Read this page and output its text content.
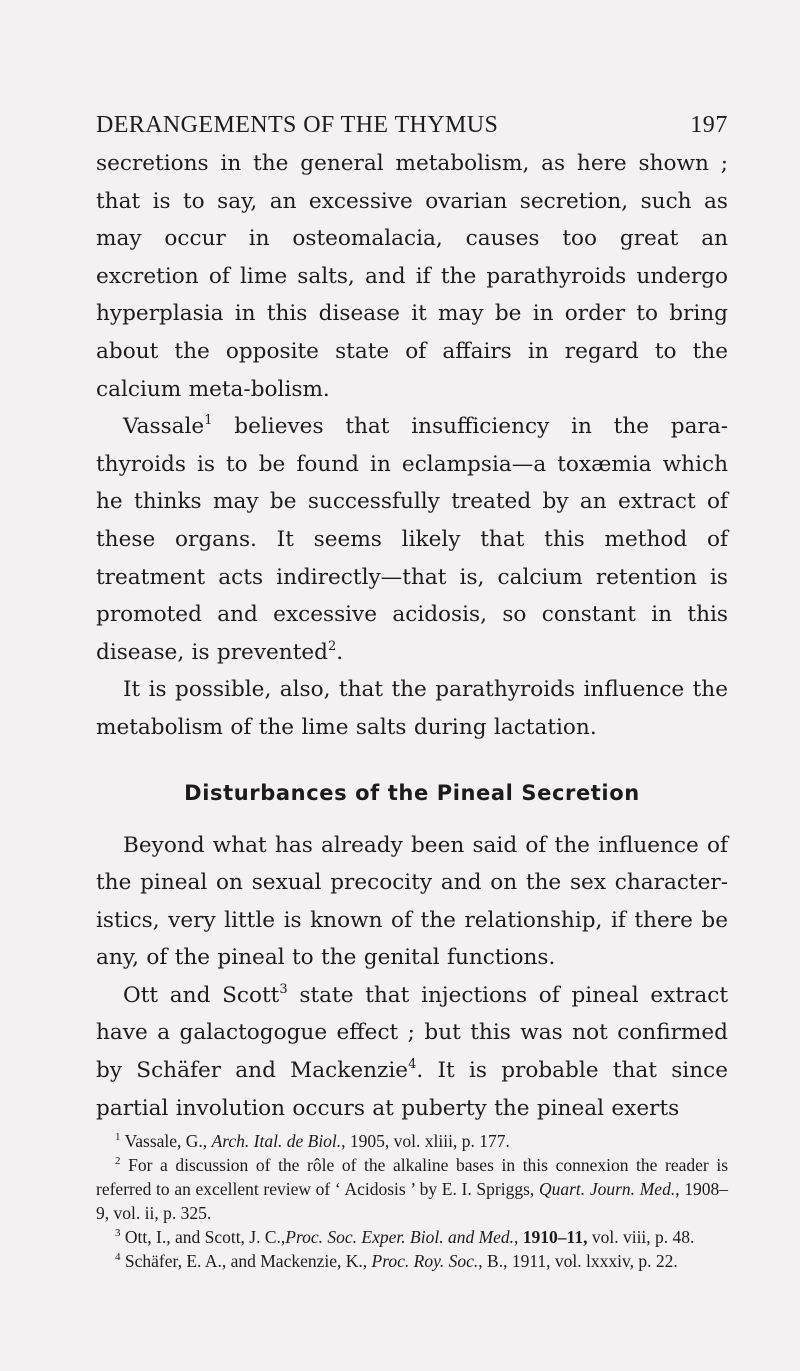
DERANGEMENTS OF THE THYMUS	197

secretions in the general metabolism, as here shown ; that is to say, an excessive ovarian secretion, such as may occur in osteomalacia, causes too great an excretion of lime salts, and if the parathyroids undergo hyperplasia in this disease it may be in order to bring about the opposite state of affairs in regard to the calcium meta-bolism.

Vassale$^1$ believes that insufficiency in the para-thyroids is to be found in eclampsia—a toxæmia which he thinks may be successfully treated by an extract of these organs. It seems likely that this method of treatment acts indirectly—that is, calcium retention is promoted and excessive acidosis, so constant in this disease, is prevented$^2$.

It is possible, also, that the parathyroids influence the metabolism of the lime salts during lactation.

Disturbances of the Pineal Secretion

Beyond what has already been said of the influence of the pineal on sexual precocity and on the sex character-istics, very little is known of the relationship, if there be any, of the pineal to the genital functions.

Ott and Scott$^3$ state that injections of pineal extract have a galactogogue effect ; but this was not confirmed by Schäfer and Mackenzie$^4$. It is probable that since partial involution occurs at puberty the pineal exerts

$^1$ Vassale, G., Arch. Ital. de Biol., 1905, vol. xliii, p. 177.
$^2$ For a discussion of the rôle of the alkaline bases in this connexion the reader is referred to an excellent review of ‘ Acidosis ’ by E. I. Spriggs, Quart. Journ. Med., 1908–9, vol. ii, p. 325.
$^3$ Ott, I., and Scott, J. C.,Proc. Soc. Exper. Biol. and Med., 1910–11, vol. viii, p. 48.
$^4$ Schäfer, E. A., and Mackenzie, K., Proc. Roy. Soc., B., 1911, vol. lxxxiv, p. 22.
